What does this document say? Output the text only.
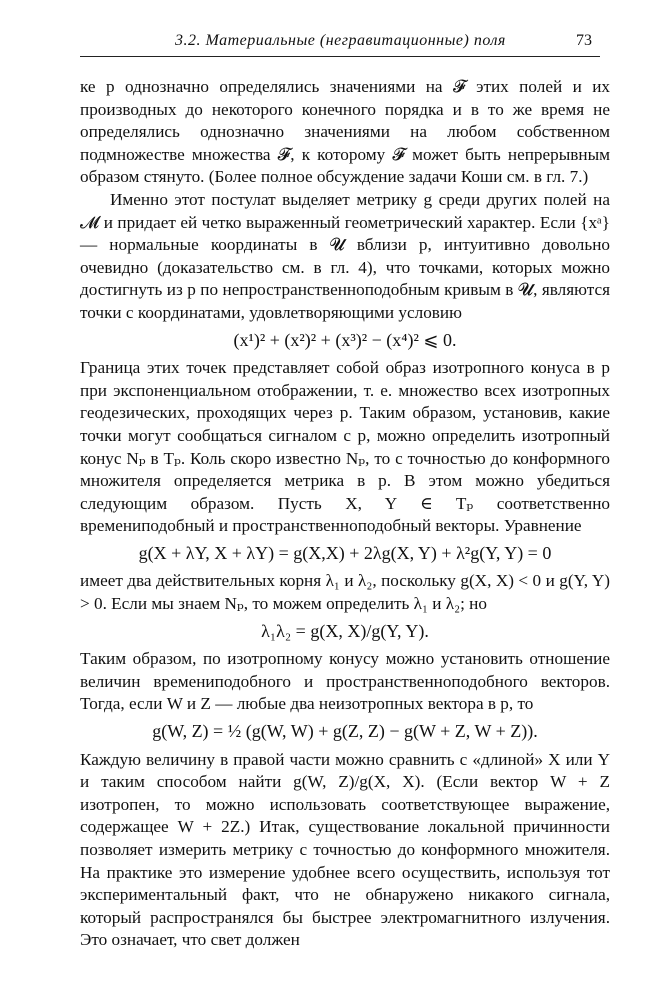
3.2. Материальные (негравитационные) поля	73

ке p однозначно определялись значениями на 𝓕 этих полей и их производных до некоторого конечного порядка и в то же время не определялись однозначно значениями на любом собственном подмножестве множества 𝓕, к которому 𝓕 может быть непрерывным образом стянуто. (Более полное обсуждение задачи Коши см. в гл. 7.)

Именно этот постулат выделяет метрику g среди других полей на 𝓜 и придает ей четко выраженный геометрический характер. Если {xᵃ} — нормальные координаты в 𝓤 вблизи p, интуитивно довольно очевидно (доказательство см. в гл. 4), что точками, которых можно достигнуть из p по непространственноподобным кривым в 𝓤, являются точки с координатами, удовлетворяющими условию

(x¹)² + (x²)² + (x³)² − (x⁴)² ⩽ 0.

Граница этих точек представляет собой образ изотропного конуса в p при экспоненциальном отображении, т. е. множество всех изотропных геодезических, проходящих через p. Таким образом, установив, какие точки могут сообщаться сигналом с p, можно определить изотропный конус Nₚ в Tₚ. Коль скоро известно Nₚ, то с точностью до конформного множителя определяется метрика в p. В этом можно убедиться следующим образом. Пусть X, Y ∈ Tₚ соответственно времениподобный и пространственноподобный векторы. Уравнение

g(X + λY, X + λY) = g(X,X) + 2λg(X, Y) + λ²g(Y, Y) = 0

имеет два действительных корня λ₁ и λ₂, поскольку g(X, X) < 0 и g(Y, Y) > 0. Если мы знаем Nₚ, то можем определить λ₁ и λ₂; но

λ₁λ₂ = g(X, X)/g(Y, Y).

Таким образом, по изотропному конусу можно установить отношение величин времениподобного и пространственноподобного векторов. Тогда, если W и Z — любые два неизотропных вектора в p, то

g(W, Z) = ½ (g(W, W) + g(Z, Z) − g(W + Z, W + Z)).

Каждую величину в правой части можно сравнить с «длиной» X или Y и таким способом найти g(W, Z)/g(X, X). (Если вектор W + Z изотропен, то можно использовать соответствующее выражение, содержащее W + 2Z.) Итак, существование локальной причинности позволяет измерить метрику с точностью до конформного множителя. На практике это измерение удобнее всего осуществить, используя тот экспериментальный факт, что не обнаружено никакого сигнала, который распространялся бы быстрее электромагнитного излучения. Это означает, что свет должен
